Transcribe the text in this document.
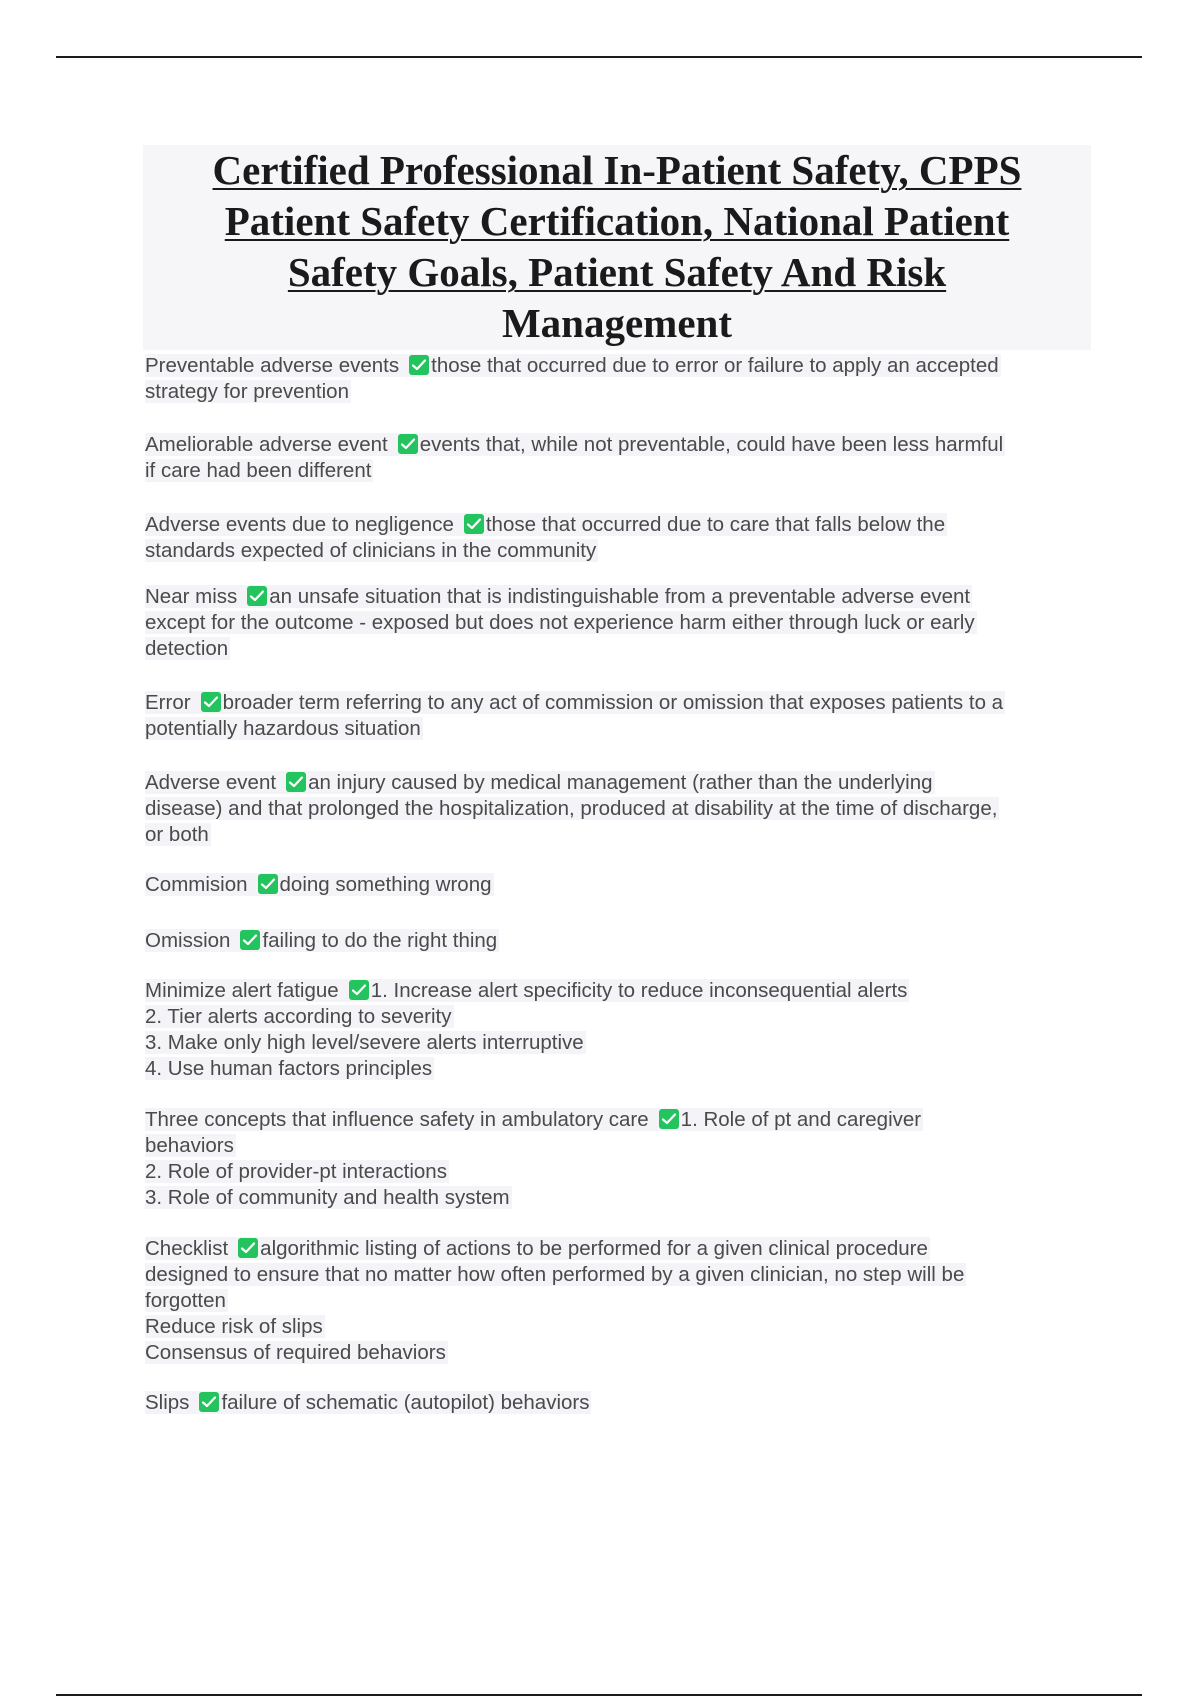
Certified Professional In-Patient Safety, CPPS
Patient Safety Certification, National Patient
Safety Goals, Patient Safety And Risk
Management

Preventable adverse events those that occurred due to error or failure to apply an accepted
strategy for prevention

Ameliorable adverse event events that, while not preventable, could have been less harmful
if care had been different

Adverse events due to negligence those that occurred due to care that falls below the
standards expected of clinicians in the community

Near miss an unsafe situation that is indistinguishable from a preventable adverse event
except for the outcome - exposed but does not experience harm either through luck or early
detection

Error broader term referring to any act of commission or omission that exposes patients to a
potentially hazardous situation

Adverse event an injury caused by medical management (rather than the underlying
disease) and that prolonged the hospitalization, produced at disability at the time of discharge,
or both

Commision doing something wrong

Omission failing to do the right thing

Minimize alert fatigue 1. Increase alert specificity to reduce inconsequential alerts
2. Tier alerts according to severity
3. Make only high level/severe alerts interruptive
4. Use human factors principles

Three concepts that influence safety in ambulatory care 1. Role of pt and caregiver
behaviors
2. Role of provider-pt interactions
3. Role of community and health system

Checklist algorithmic listing of actions to be performed for a given clinical procedure
designed to ensure that no matter how often performed by a given clinician, no step will be
forgotten
Reduce risk of slips
Consensus of required behaviors

Slips failure of schematic (autopilot) behaviors
